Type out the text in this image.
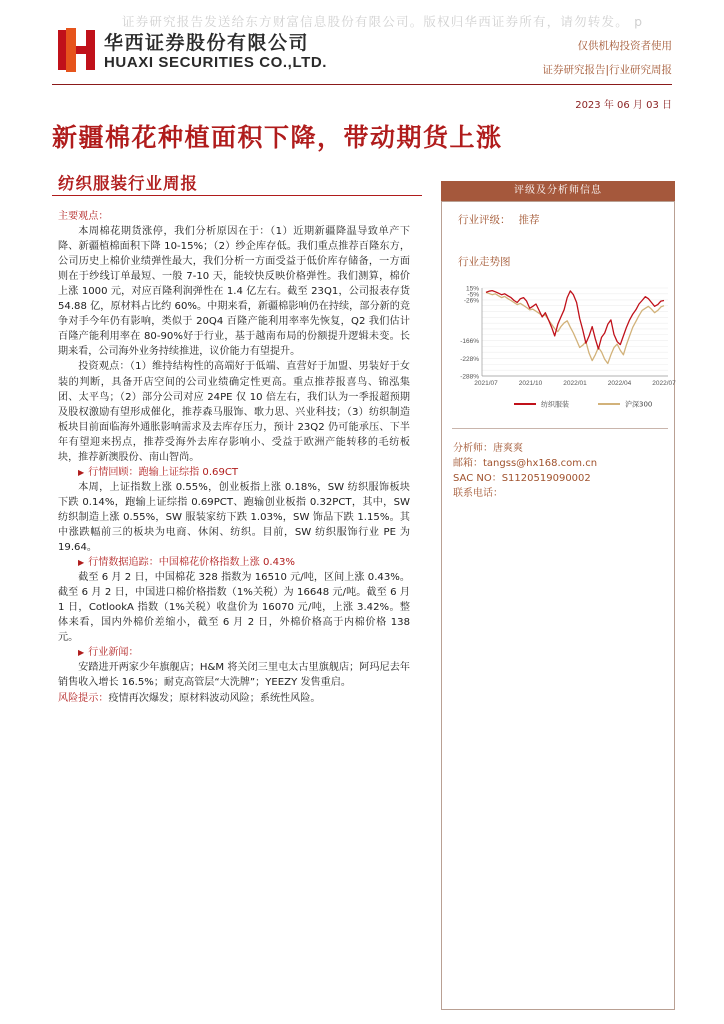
证券研究报告发送给东方财富信息股份有限公司。版权归华西证券所有，请勿转发。 p
华西证券股份有限公司
HUAXI SECURITIES CO.,LTD.
仅供机构投资者使用
证券研究报告|行业研究周报
2023 年 06 月 03 日
新疆棉花种植面积下降，带动期货上涨
纺织服装行业周报	评级及分析师信息
行业评级： 推荐
行业走势图
15%
-5%
-26%
-166%
-228%
-288%
2021/07	2021/10	2022/01	2022/04	2022/07
纺织服装	沪深300
分析师：唐爽爽
邮箱：tangss@hx168.com.cn
SAC NO：S1120519090002
联系电话：
主要观点：

本周棉花期货涨停，我们分析原因在于：（1）近期新疆降温导致单产下降、新疆植棉面积下降 10-15%；（2）纱企库存低。我们重点推荐百隆东方，公司历史上棉价业绩弹性最大，我们分析一方面受益于低价库存储备，一方面则在于纱线订单最短、一般 7-10 天，能较快反映价格弹性。我们测算，棉价上涨 1000 元，对应百隆利润弹性在 1.4 亿左右。截至 23Q1，公司报表存货 54.88 亿，原材料占比约 60%。中期来看，新疆棉影响仍在持续，部分新的竞争对手今年仍有影响，类似于 20Q4 百隆产能利用率率先恢复，Q2 我们估计百隆产能利用率在 80-90%好于行业，基于越南布局的份额提升逻辑未变。长期来看，公司海外业务持续推进，议价能力有望提升。

投资观点：（1）维持结构性的高端好于低端、直营好于加盟、男装好于女装的判断，具备开店空间的公司业绩确定性更高。重点推荐报喜鸟、锦泓集团、太平鸟；（2）部分公司对应 24PE 仅 10 倍左右，我们认为一季报超预期及股权激励有望形成催化，推荐森马服饰、歌力思、兴业科技；（3）纺织制造板块目前面临海外通胀影响需求及去库存压力，预计 23Q2 仍可能承压、下半年有望迎来拐点，推荐受海外去库存影响小、受益于欧洲产能转移的毛纺板块，推荐新澳股份、南山智尚。

▶ 行情回顾：跑输上证综指 0.69CT

本周，上证指数上涨 0.55%，创业板指上涨 0.18%，SW 纺织服饰板块下跌 0.14%，跑输上证综指 0.69PCT、跑输创业板指 0.32PCT，其中，SW 纺织制造上涨 0.55%，SW 服装家纺下跌 1.03%，SW 饰品下跌 1.15%。其中涨跌幅前三的板块为电商、休闲、纺织。目前，SW 纺织服饰行业 PE 为 19.64。

▶ 行情数据追踪：中国棉花价格指数上涨 0.43%

截至 6 月 2 日，中国棉花 328 指数为 16510 元/吨，区间上涨 0.43%。截至 6 月 2 日，中国进口棉价格指数（1%关税）为 16648 元/吨。截至 6 月 1 日，CotlookA 指数（1%关税）收盘价为 16070 元/吨，上涨 3.42%。整体来看，国内外棉价差缩小，截至 6 月 2 日，外棉价格高于内棉价格 138 元。

▶ 行业新闻：

安踏进开两家少年旗舰店；H&M 将关闭三里屯太古里旗舰店；阿玛尼去年销售收入增长 16.5%；耐克高管层“大洗牌”；YEEZY 发售重启。

风险提示：疫情再次爆发；原材料波动风险；系统性风险。
